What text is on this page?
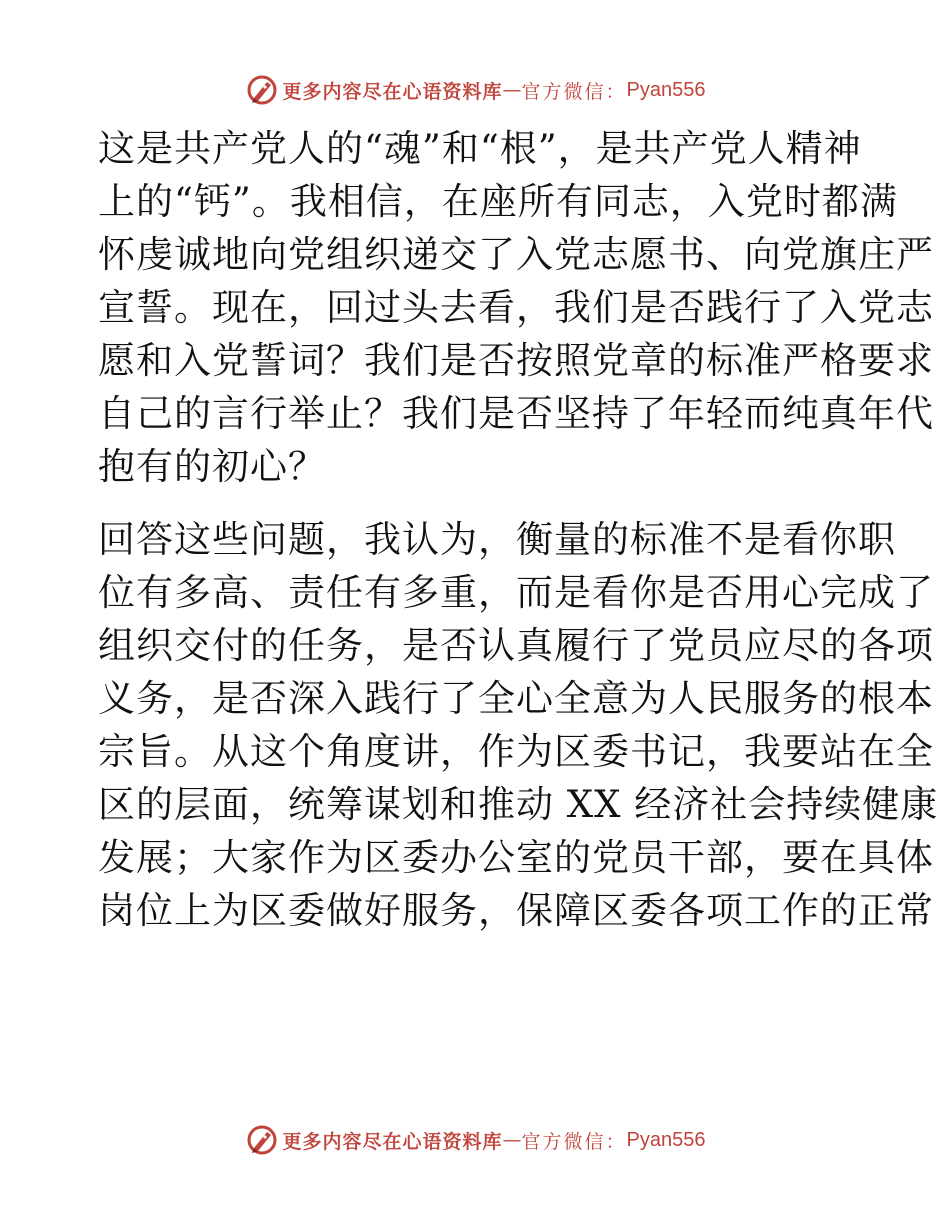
更多内容尽在心语资料库 — 官方微信： Pyan556
这是共产党人的“魂”和“根”，是共产党人精神
上的“钙”。我相信，在座所有同志，入党时都满
怀虔诚地向党组织递交了入党志愿书、向党旗庄严
宣誓。现在，回过头去看，我们是否践行了入党志
愿和入党誓词？我们是否按照党章的标准严格要求
自己的言行举止？我们是否坚持了年轻而纯真年代
抱有的初心？
回答这些问题，我认为，衡量的标准不是看你职
位有多高、责任有多重，而是看你是否用心完成了
组织交付的任务，是否认真履行了党员应尽的各项
义务，是否深入践行了全心全意为人民服务的根本
宗旨。从这个角度讲，作为区委书记，我要站在全
区的层面，统筹谋划和推动 XX 经济社会持续健康
发展；大家作为区委办公室的党员干部，要在具体
岗位上为区委做好服务，保障区委各项工作的正常
更多内容尽在心语资料库 — 官方微信： Pyan556
